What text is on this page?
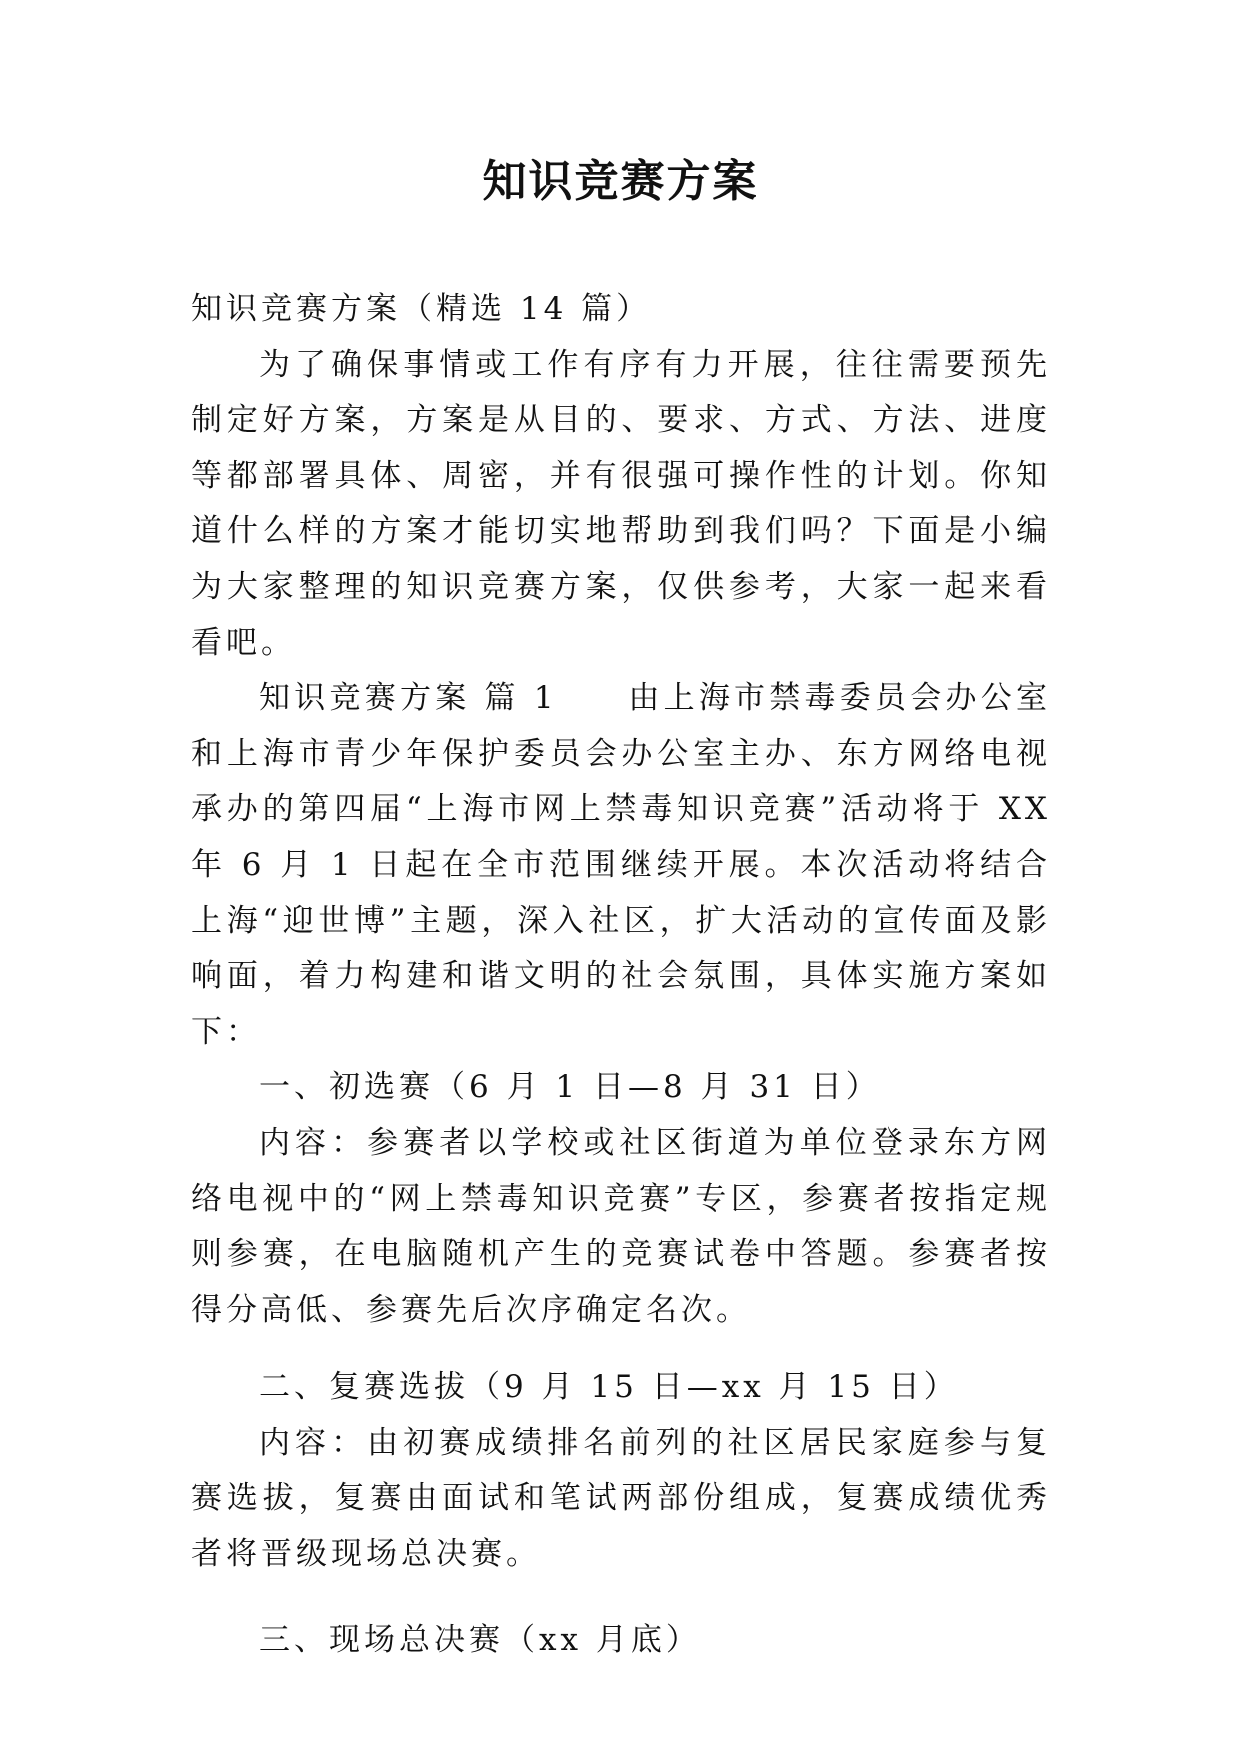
知识竞赛方案

知识竞赛方案（精选 14 篇）

为了确保事情或工作有序有力开展，往往需要预先制定好方案，方案是从目的、要求、方式、方法、进度等都部署具体、周密，并有很强可操作性的计划。你知道什么样的方案才能切实地帮助到我们吗？下面是小编为大家整理的知识竞赛方案，仅供参考，大家一起来看看吧。

知识竞赛方案 篇 1　　由上海市禁毒委员会办公室和上海市青少年保护委员会办公室主办、东方网络电视承办的第四届“上海市网上禁毒知识竞赛”活动将于 XX 年 6 月 1 日起在全市范围继续开展。本次活动将结合上海“迎世博”主题，深入社区，扩大活动的宣传面及影响面，着力构建和谐文明的社会氛围，具体实施方案如下：

一、初选赛（6 月 1 日—8 月 31 日）

内容：参赛者以学校或社区街道为单位登录东方网络电视中的“网上禁毒知识竞赛”专区，参赛者按指定规则参赛，在电脑随机产生的竞赛试卷中答题。参赛者按得分高低、参赛先后次序确定名次。

二、复赛选拔（9 月 15 日—xx 月 15 日）

内容：由初赛成绩排名前列的社区居民家庭参与复赛选拔，复赛由面试和笔试两部份组成，复赛成绩优秀者将晋级现场总决赛。

三、现场总决赛（xx 月底）
